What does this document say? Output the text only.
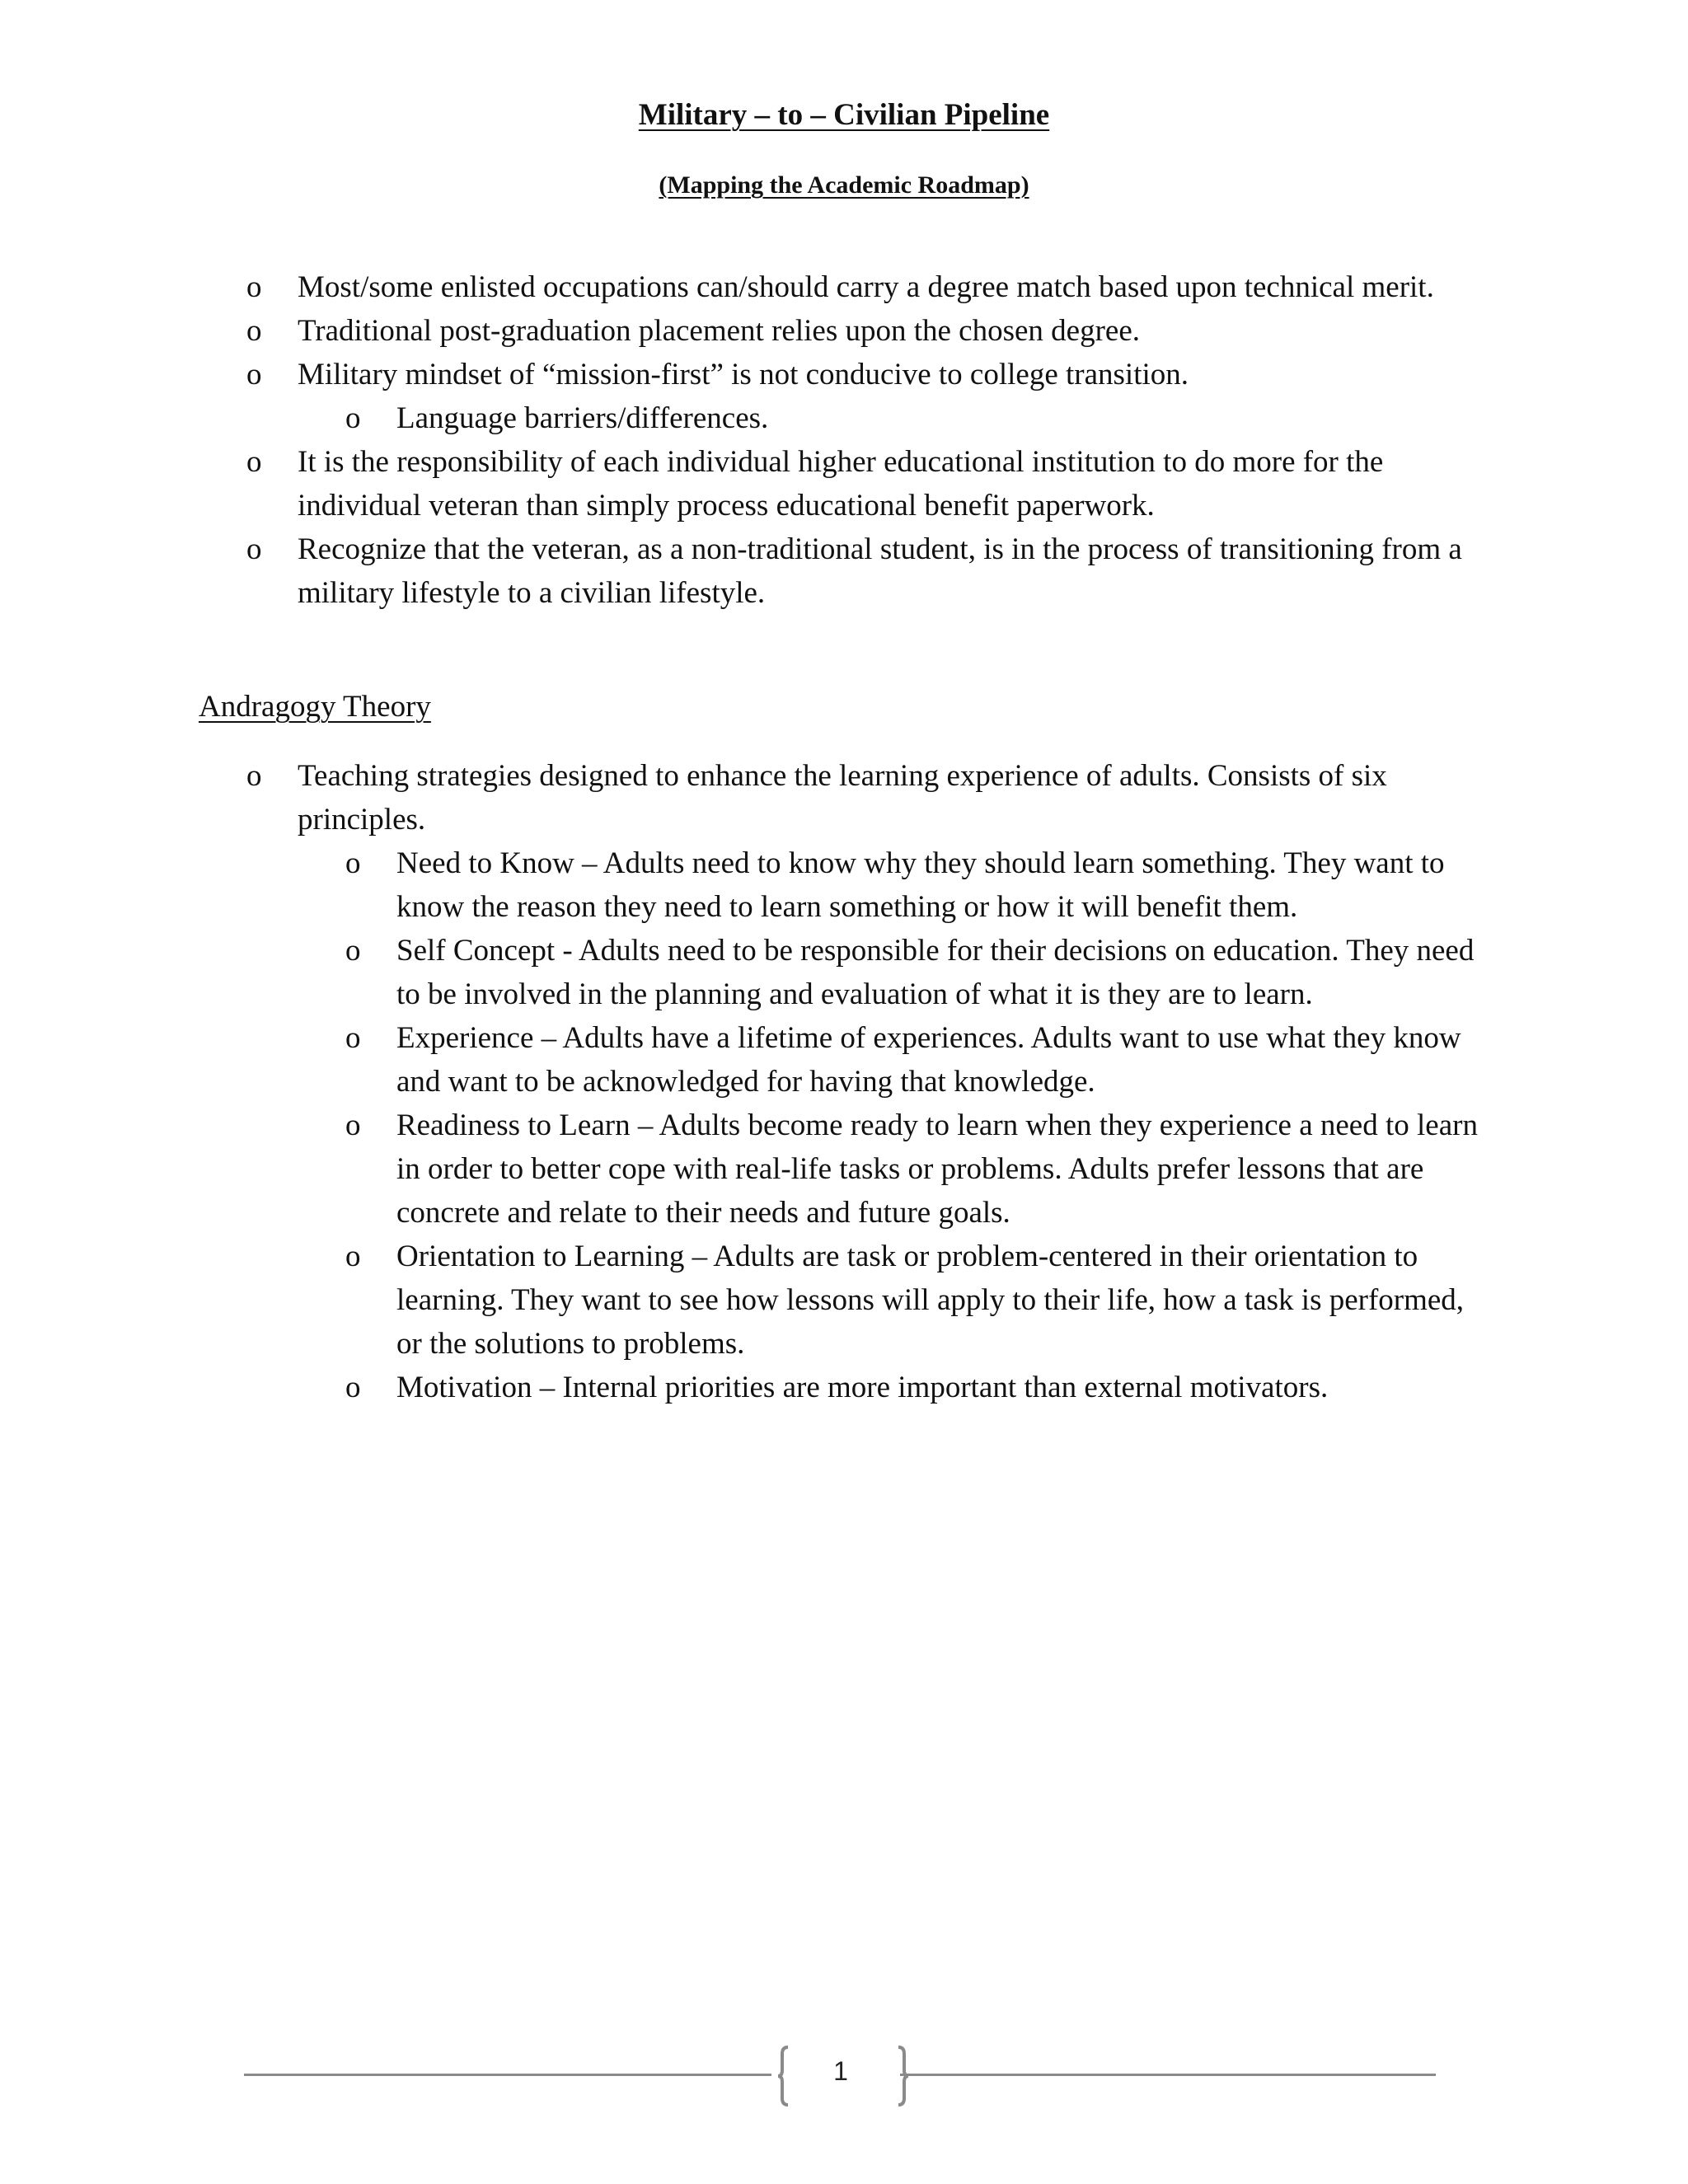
Military – to – Civilian Pipeline
(Mapping the Academic Roadmap)
o Most/some enlisted occupations can/should carry a degree match based upon technical merit.
o Traditional post-graduation placement relies upon the chosen degree.
o Military mindset of “mission-first” is not conducive to college transition.
o Language barriers/differences.
o It is the responsibility of each individual higher educational institution to do more for the individual veteran than simply process educational benefit paperwork.
o Recognize that the veteran, as a non-traditional student, is in the process of transitioning from a military lifestyle to a civilian lifestyle.
Andragogy Theory
o Teaching strategies designed to enhance the learning experience of adults. Consists of six principles.
o Need to Know – Adults need to know why they should learn something. They want to know the reason they need to learn something or how it will benefit them.
o Self Concept - Adults need to be responsible for their decisions on education. They need to be involved in the planning and evaluation of what it is they are to learn.
o Experience – Adults have a lifetime of experiences. Adults want to use what they know and want to be acknowledged for having that knowledge.
o Readiness to Learn – Adults become ready to learn when they experience a need to learn in order to better cope with real-life tasks or problems. Adults prefer lessons that are concrete and relate to their needs and future goals.
o Orientation to Learning – Adults are task or problem-centered in their orientation to learning. They want to see how lessons will apply to their life, how a task is performed, or the solutions to problems.
o Motivation – Internal priorities are more important than external motivators.
1
